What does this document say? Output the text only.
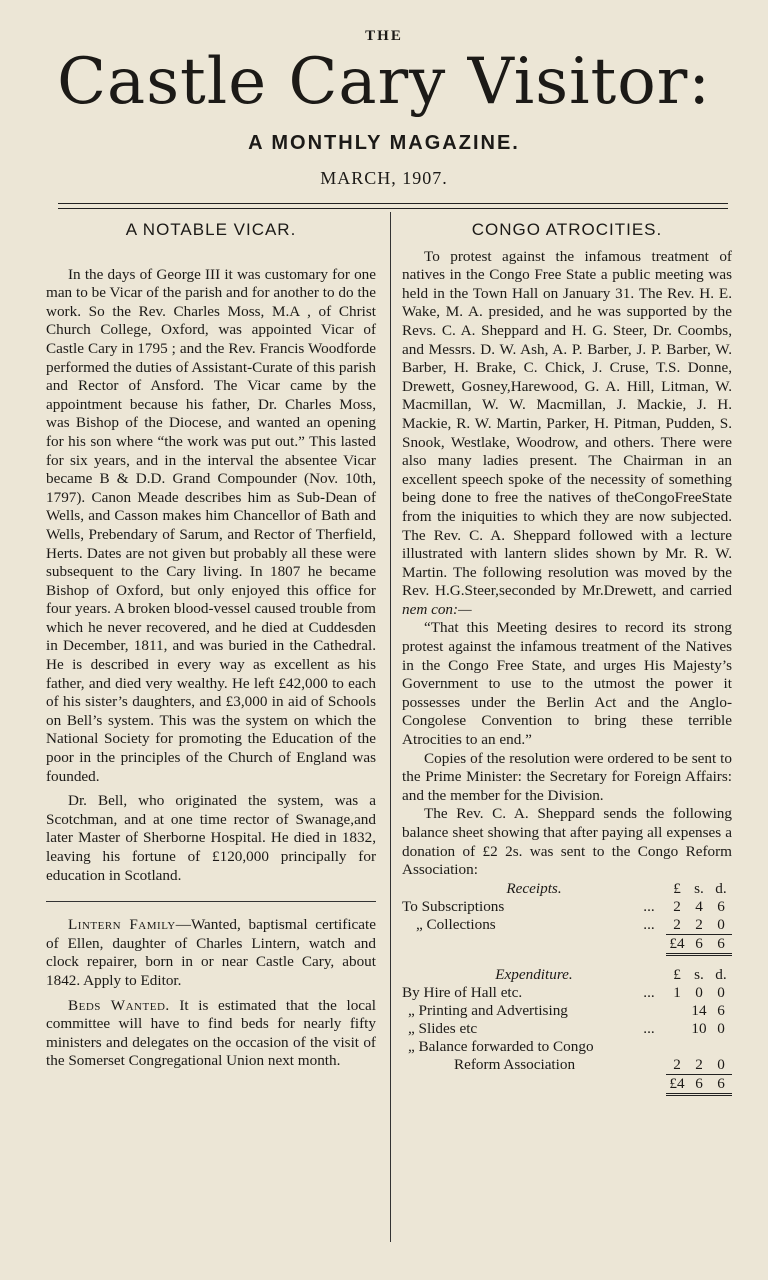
THE
Castle Cary Visitor:
A MONTHLY MAGAZINE.
MARCH, 1907.
A NOTABLE VICAR.

In the days of George III it was customary for one man to be Vicar of the parish and for another to do the work. So the Rev. Charles Moss, M.A , of Christ Church College, Oxford, was appointed Vicar of Castle Cary in 1795 ; and the Rev. Francis Woodforde performed the duties of Assistant-Curate of this parish and Rector of Ansford. The Vicar came by the appointment because his father, Dr. Charles Moss, was Bishop of the Diocese, and wanted an opening for his son where “the work was put out.” This lasted for six years, and in the interval the absentee Vicar became B & D.D. Grand Compounder (Nov. 10th, 1797). Canon Meade describes him as Sub-Dean of Wells, and Casson makes him Chancellor of Bath and Wells, Prebendary of Sarum, and Rector of Therfield, Herts. Dates are not given but probably all these were subsequent to the Cary living. In 1807 he became Bishop of Oxford, but only enjoyed this office for four years. A broken blood-vessel caused trouble from which he never recovered, and he died at Cuddesden in December, 1811, and was buried in the Cathedral. He is described in every way as excellent as his father, and died very wealthy. He left £42,000 to each of his sister’s daughters, and £3,000 in aid of Schools on Bell’s system. This was the system on which the National Society for promoting the Education of the poor in the principles of the Church of England was founded.

Dr. Bell, who originated the system, was a Scotchman, and at one time rector of Swanage,and later Master of Sherborne Hospital. He died in 1832, leaving his fortune of £120,000 principally for education in Scotland.

Lintern Family—Wanted, baptismal certificate of Ellen, daughter of Charles Lintern, watch and clock repairer, born in or near Castle Cary, about 1842. Apply to Editor.

Beds Wanted. It is estimated that the local committee will have to find beds for nearly fifty ministers and delegates on the occasion of the visit of the Somerset Congregational Union next month.

CONGO ATROCITIES.

To protest against the infamous treatment of natives in the Congo Free State a public meeting was held in the Town Hall on January 31. The Rev. H. E. Wake, M. A. presided, and he was supported by the Revs. C. A. Sheppard and H. G. Steer, Dr. Coombs, and Messrs. D. W. Ash, A. P. Barber, J. P. Barber, W. Barber, H. Brake, C. Chick, J. Cruse, T.S. Donne, Drewett, Gosney,Harewood, G. A. Hill, Litman, W. Macmillan, W. W. Macmillan, J. Mackie, J. H. Mackie, R. W. Martin, Parker, H. Pitman, Pudden, S. Snook, Westlake, Woodrow, and others. There were also many ladies present. The Chairman in an excellent speech spoke of the necessity of something being done to free the natives of theCongoFreeState from the iniquities to which they are now subjected. The Rev. C. A. Sheppard followed with a lecture illustrated with lantern slides shown by Mr. R. W. Martin. The following resolution was moved by the Rev. H.G.Steer,seconded by Mr.Drewett, and carried nem con:—

“That this Meeting desires to record its strong protest against the infamous treatment of the Natives in the Congo Free State, and urges His Majesty’s Government to use to the utmost the power it possesses under the Berlin Act and the Anglo-Congolese Convention to bring these terrible Atrocities to an end.”

Copies of the resolution were ordered to be sent to the Prime Minister: the Secretary for Foreign Affairs: and the member for the Division.

The Rev. C. A. Sheppard sends the following balance sheet showing that after paying all expenses a donation of £2 2s. was sent to the Congo Reform Association:

Receipts.		£	s.	d.
To Subscriptions	...	2	4	6
„ Collections	...	2	2	0
		£4	6	6
Expenditure.		£	s.	d.
By Hire of Hall etc.	...	1	0	0
„ Printing and Advertising			14	6
„ Slides etc	...		10	0
„ Balance forwarded to Congo				
Reform Association		2	2	0
		£4	6	6
